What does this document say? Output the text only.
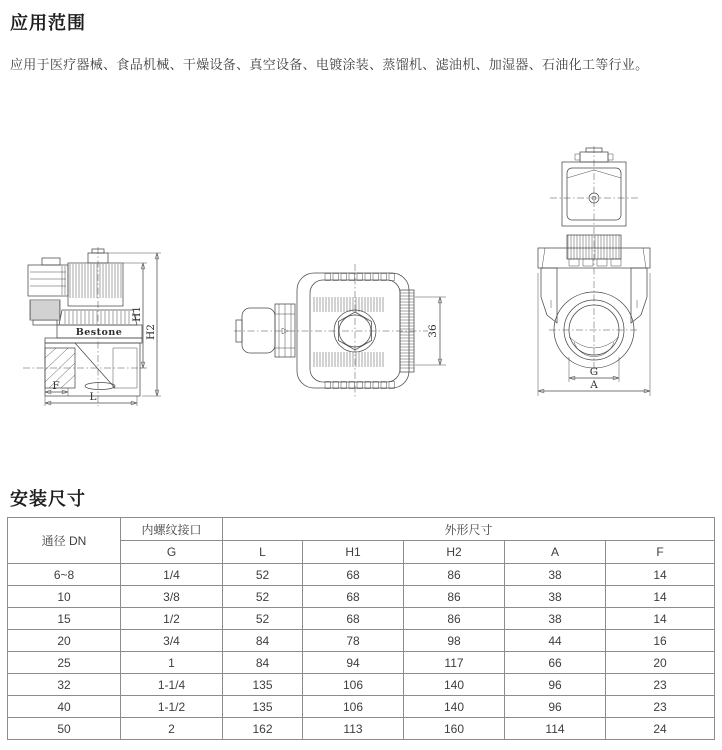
应用范围
应用于医疗器械、食品机械、干燥设备、真空设备、电镀涂装、蒸馏机、滤油机、加湿器、石油化工等行业。
Bestone
H1
H2
F
L
36
G
A
安装尺寸
通径 DN	内螺纹接口	外形尺寸				
	G	L	H1	H2	A	F
6~8	1/4	52	68	86	38	14
10	3/8	52	68	86	38	14
15	1/2	52	68	86	38	14
20	3/4	84	78	98	44	16
25	1	84	94	117	66	20
32	1-1/4	135	106	140	96	23
40	1-1/2	135	106	140	96	23
50	2	162	113	160	114	24
